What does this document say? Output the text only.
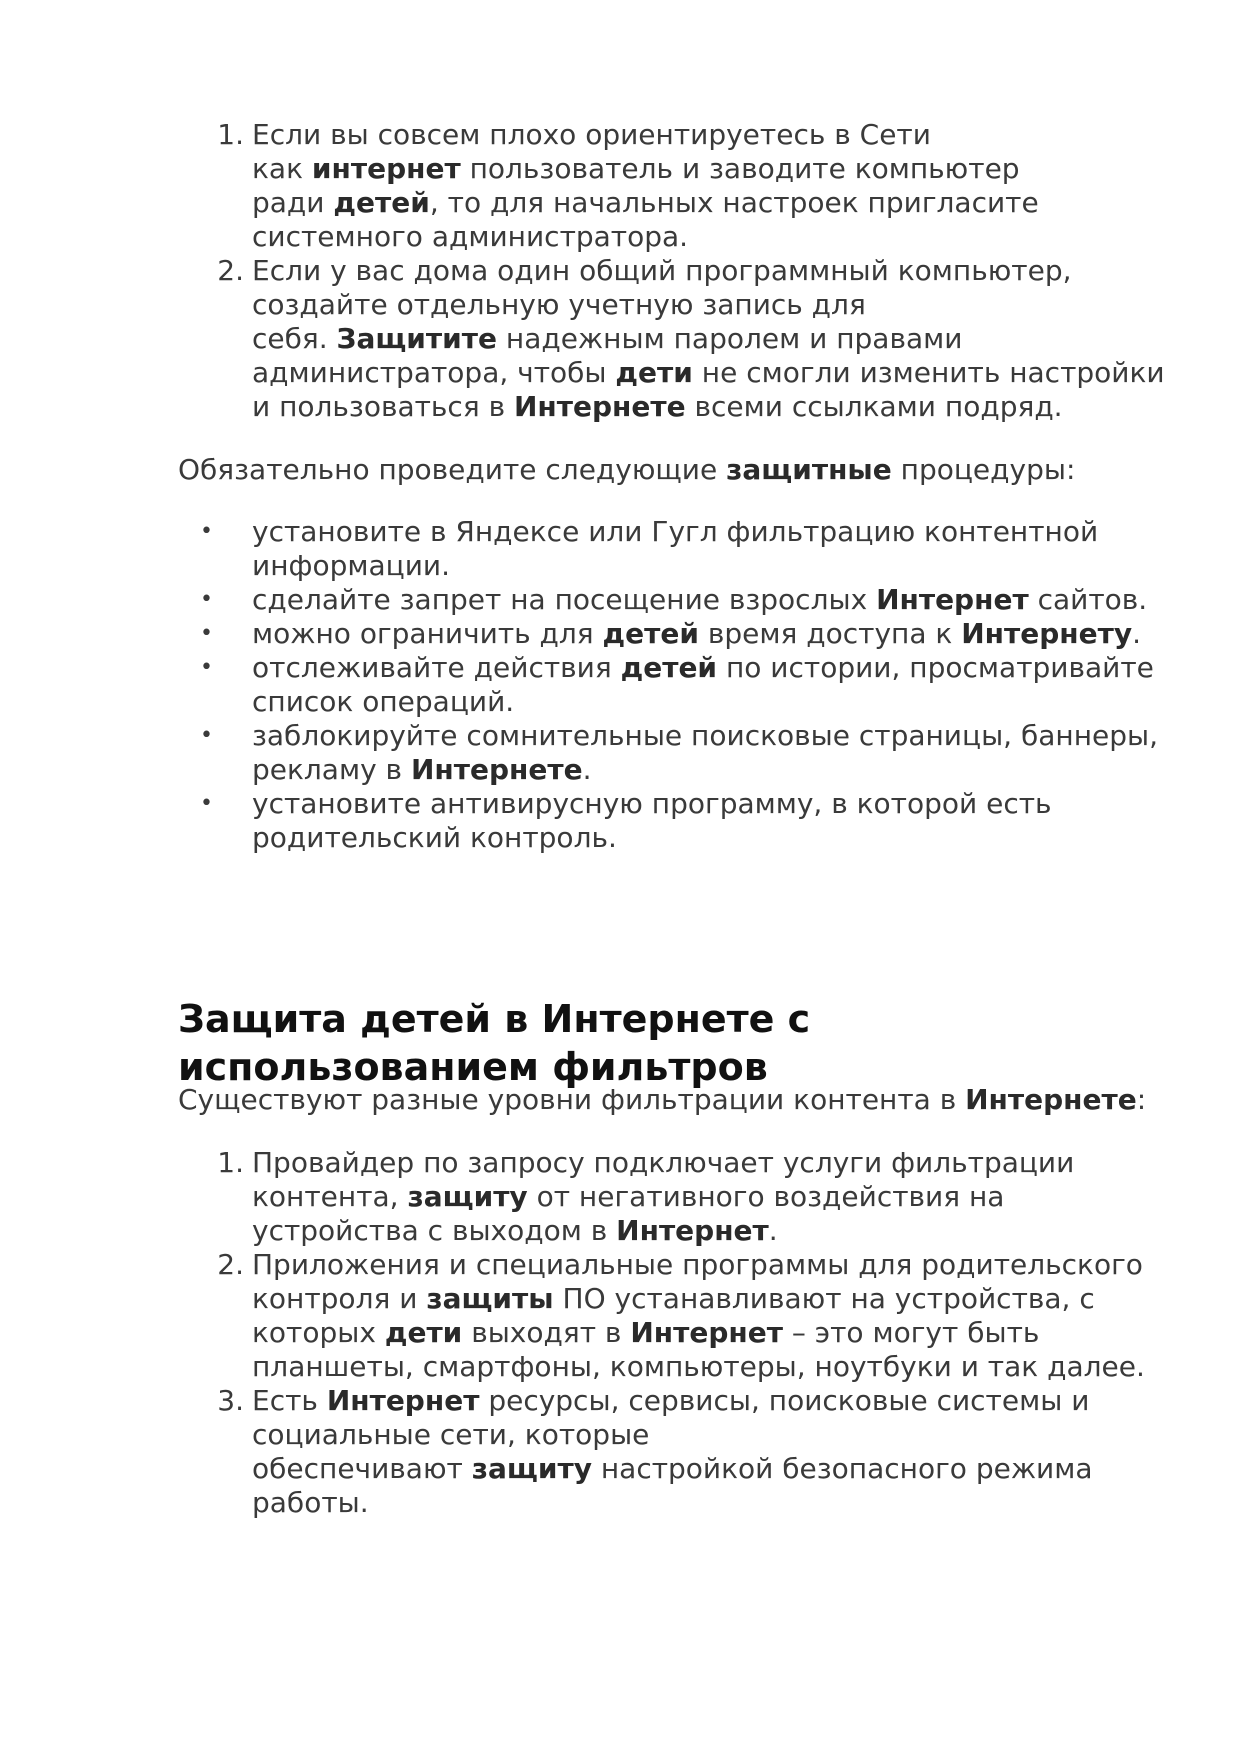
1. Если вы совсем плохо ориентируетесь в Сети
как интернет пользователь и заводите компьютер
ради детей, то для начальных настроек пригласите
системного администратора.
2. Если у вас дома один общий программный компьютер,
создайте отдельную учетную запись для
себя. Защитите надежным паролем и правами
администратора, чтобы дети не смогли изменить настройки
и пользоваться в Интернете всеми ссылками подряд.

Обязательно проведите следующие защитные процедуры:

•	установите в Яндексе или Гугл фильтрацию контентной
информации.
•	сделайте запрет на посещение взрослых Интернет сайтов.
•	можно ограничить для детей время доступа к Интернету.
•	отслеживайте действия детей по истории, просматривайте
список операций.
•	заблокируйте сомнительные поисковые страницы, баннеры,
рекламу в Интернете.
•	установите антивирусную программу, в которой есть
родительский контроль.
Защита детей в Интернете с
использованием фильтров

Существуют разные уровни фильтрации контента в Интернете:

1. Провайдер по запросу подключает услуги фильтрации
контента, защиту от негативного воздействия на
устройства с выходом в Интернет.
2. Приложения и специальные программы для родительского
контроля и защиты ПО устанавливают на устройства, с
которых дети выходят в Интернет – это могут быть
планшеты, смартфоны, компьютеры, ноутбуки и так далее.
3. Есть Интернет ресурсы, сервисы, поисковые системы и
социальные сети, которые
обеспечивают защиту настройкой безопасного режима
работы.
